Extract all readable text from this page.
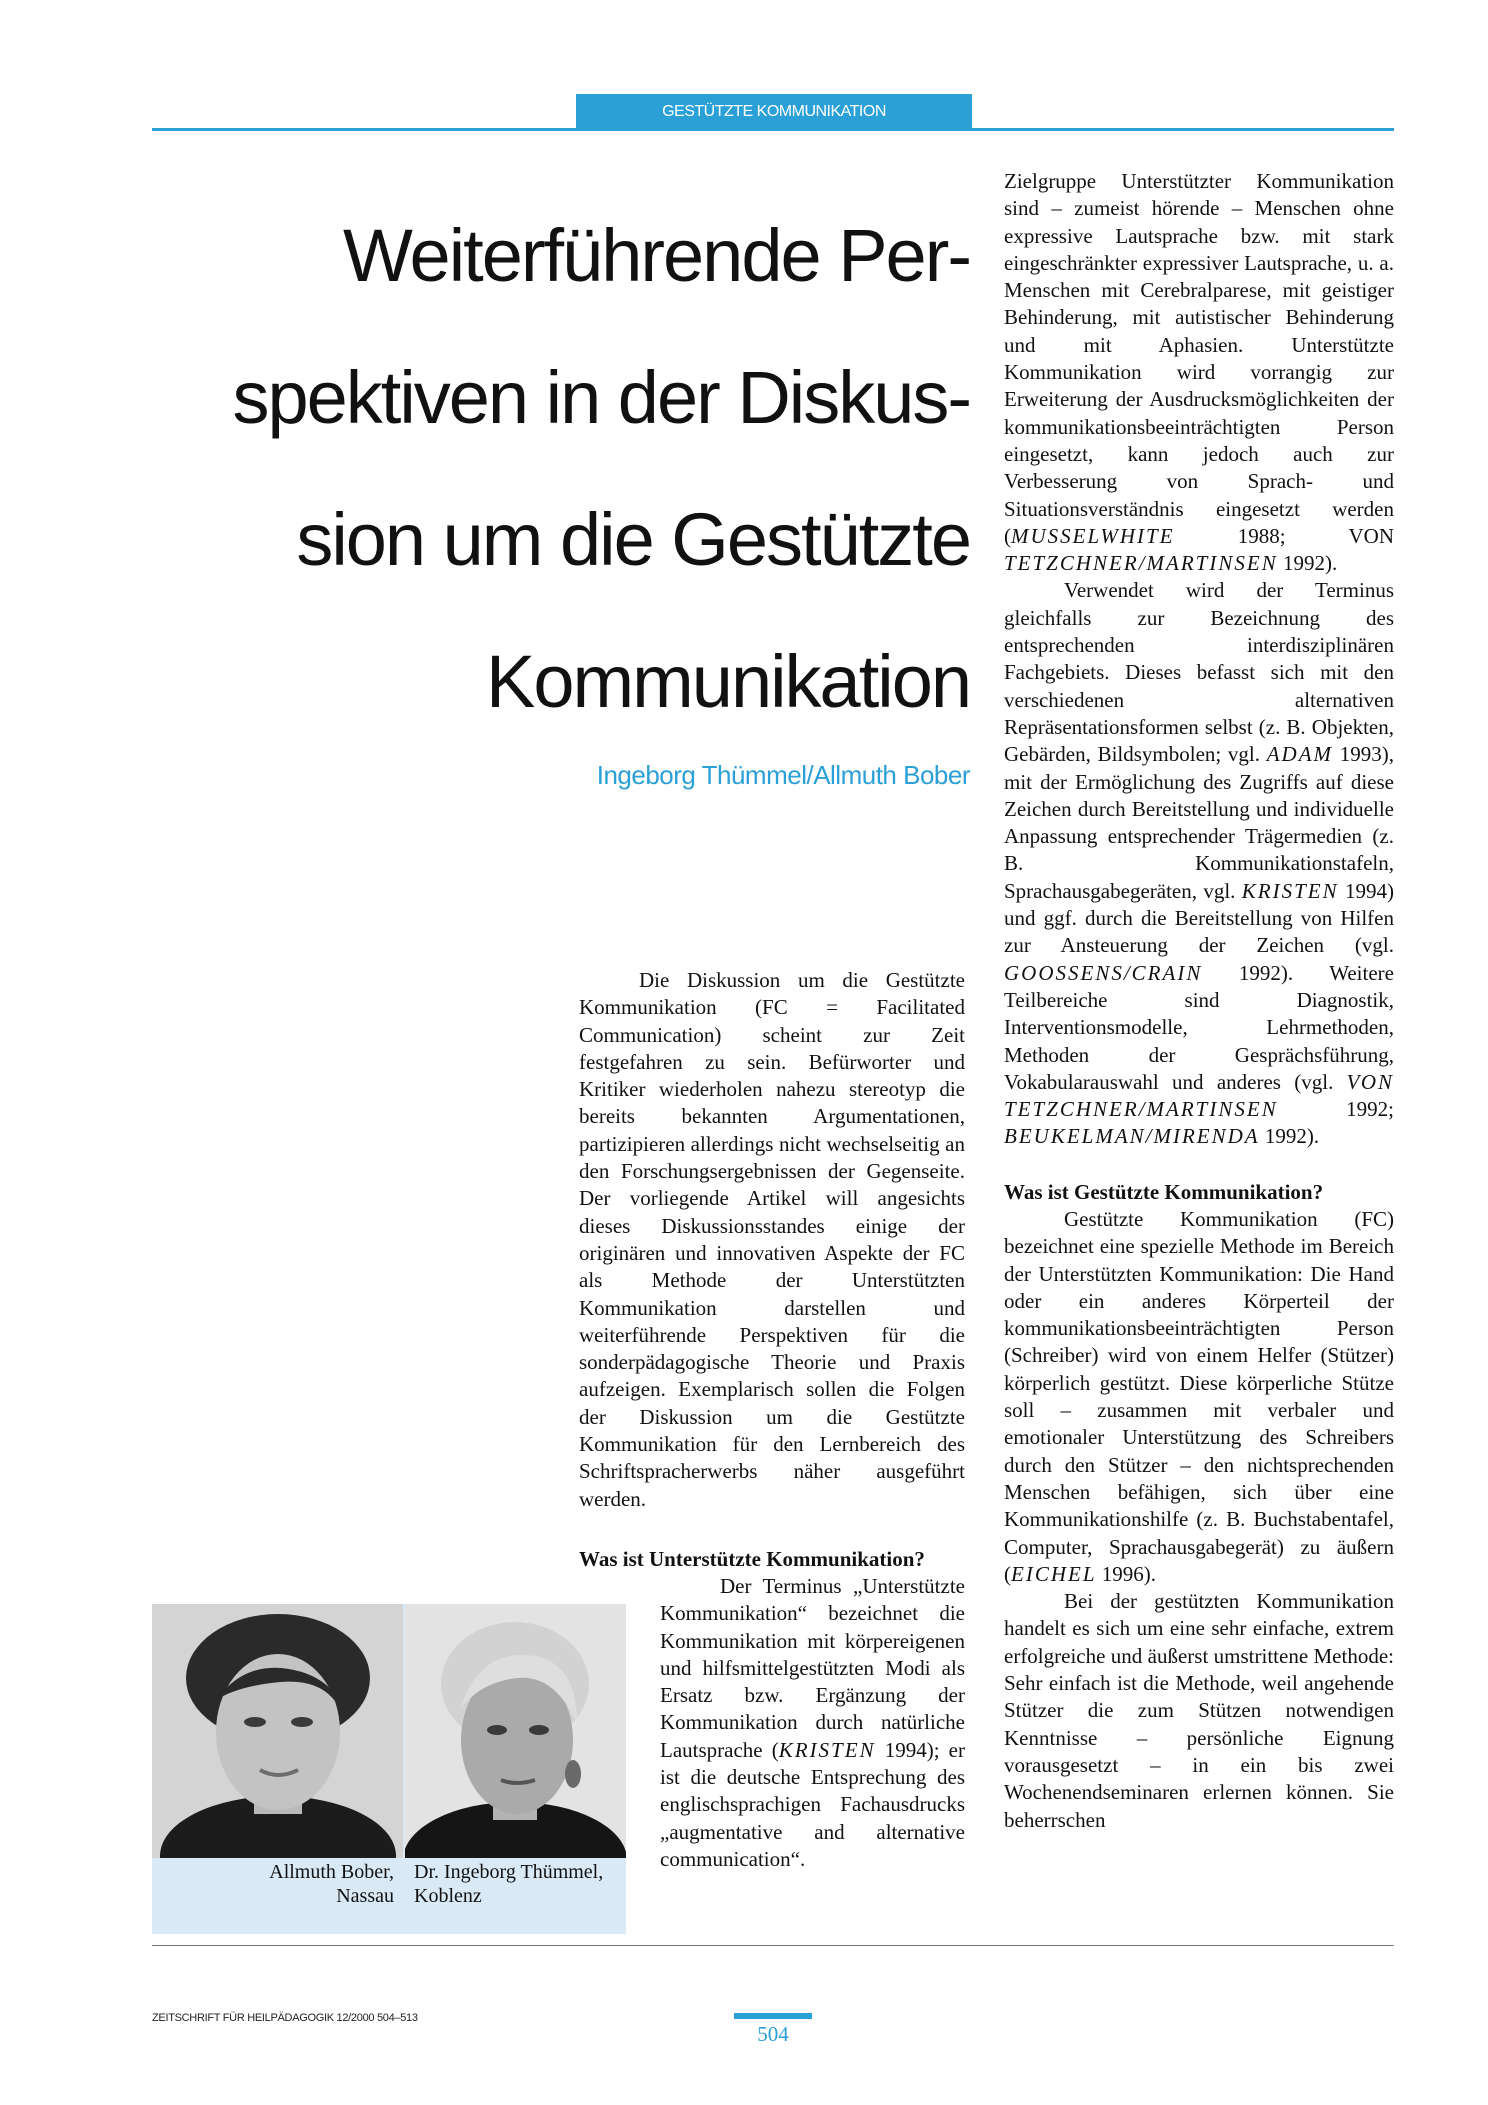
GESTÜTZTE KOMMUNIKATION
Weiterführende Per-
spektiven in der Diskus-
sion um die Gestützte
Kommunikation
Ingeborg Thümmel/Allmuth Bober

Die Diskussion um die Gestützte Kommunikation (FC = Facilitated Communication) scheint zur Zeit festgefahren zu sein. Befürworter und Kritiker wiederholen nahezu stereotyp die bereits bekannten Argumentationen, partizipieren allerdings nicht wechselseitig an den Forschungsergebnissen der Gegenseite. Der vorliegende Artikel will angesichts dieses Diskussionsstandes einige der originären und innovativen Aspekte der FC als Methode der Unterstützten Kommunikation darstellen und weiterführende Perspektiven für die sonderpädagogische Theorie und Praxis aufzeigen. Exemplarisch sollen die Folgen der Diskussion um die Gestützte Kommunikation für den Lernbereich des Schriftspracherwerbs näher ausgeführt werden.

Was ist Unterstützte Kommunikation?

Der Terminus „Unterstützte Kommunikation“ bezeichnet die Kommunikation mit körpereigenen und hilfsmittelgestützten Modi als Ersatz bzw. Ergänzung der Kommunikation durch natürliche Lautsprache (KRISTEN 1994); er ist die deutsche Entsprechung des englischsprachigen Fachausdrucks „augmentative and alternative communication“.

Zielgruppe Unterstützter Kommunikation sind – zumeist hörende – Menschen ohne expressive Lautsprache bzw. mit stark eingeschränkter expressiver Lautsprache, u. a. Menschen mit Cerebralparese, mit geistiger Behinderung, mit autistischer Behinderung und mit Aphasien. Unterstützte Kommunikation wird vorrangig zur Erweiterung der Ausdrucksmöglichkeiten der kommunikationsbeeinträchtigten Person eingesetzt, kann jedoch auch zur Verbesserung von Sprach- und Situationsverständnis eingesetzt werden (MUSSELWHITE 1988; VON TETZCHNER/MARTINSEN 1992).

Verwendet wird der Terminus gleichfalls zur Bezeichnung des entsprechenden interdisziplinären Fachgebiets. Dieses befasst sich mit den verschiedenen alternativen Repräsentationsformen selbst (z. B. Objekten, Gebärden, Bildsymbolen; vgl. ADAM 1993), mit der Ermöglichung des Zugriffs auf diese Zeichen durch Bereitstellung und individuelle Anpassung entsprechender Trägermedien (z. B. Kommunikationstafeln, Sprachausgabegeräten, vgl. KRISTEN 1994) und ggf. durch die Bereitstellung von Hilfen zur Ansteuerung der Zeichen (vgl. GOOSSENS/CRAIN 1992). Weitere Teilbereiche sind Diagnostik, Interventionsmodelle, Lehrmethoden, Methoden der Gesprächsführung, Vokabularauswahl und anderes (vgl. VON TETZCHNER/MARTINSEN 1992; BEUKELMAN/MIRENDA 1992).

Was ist Gestützte Kommunikation?

Gestützte Kommunikation (FC) bezeichnet eine spezielle Methode im Bereich der Unterstützten Kommunikation: Die Hand oder ein anderes Körperteil der kommunikationsbeeinträchtigten Person (Schreiber) wird von einem Helfer (Stützer) körperlich gestützt. Diese körperliche Stütze soll – zusammen mit verbaler und emotionaler Unterstützung des Schreibers durch den Stützer – den nichtsprechenden Menschen befähigen, sich über eine Kommunikationshilfe (z. B. Buchstabentafel, Computer, Sprachausgabegerät) zu äußern (EICHEL 1996).

Bei der gestützten Kommunikation handelt es sich um eine sehr einfache, extrem erfolgreiche und äußerst umstrittene Methode: Sehr einfach ist die Methode, weil angehende Stützer die zum Stützen notwendigen Kenntnisse – persönliche Eignung vorausgesetzt – in ein bis zwei Wochenendseminaren erlernen können. Sie beherrschen

Allmuth Bober,
Nassau
Dr. Ingeborg Thümmel,
Koblenz
ZEITSCHRIFT FÜR HEILPÄDAGOGIK 12/2000 504–513
504
